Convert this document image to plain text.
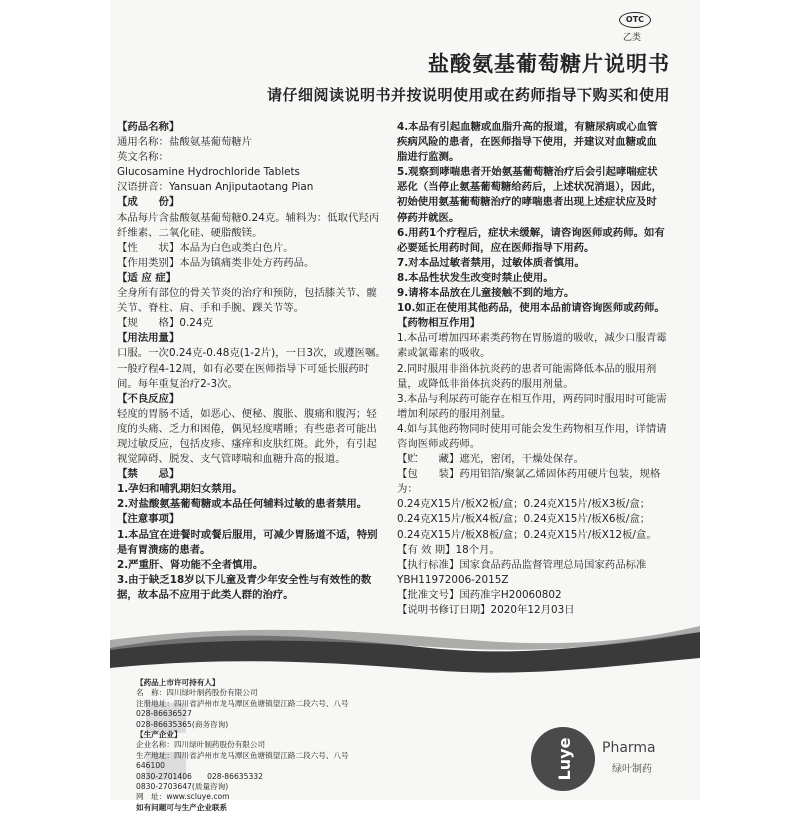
OTC
乙类
盐酸氨基葡萄糖片说明书
请仔细阅读说明书并按说明使用或在药师指导下购买和使用

【药品名称】

通用名称：盐酸氨基葡萄糖片

英文名称：

Glucosamine Hydrochloride Tablets

汉语拼音：Yansuan Anjiputaotang Pian

【成　　份】

本品每片含盐酸氨基葡萄糖0.24克。辅料为：低取代羟丙纤维素、二氧化硅、硬脂酸镁。

【性　　状】本品为白色或类白色片。

【作用类别】本品为镇痛类非处方药药品。

【适 应 症】

全身所有部位的骨关节炎的治疗和预防，包括膝关节、髋关节、脊柱、肩、手和手腕、踝关节等。

【规　　格】0.24克

【用法用量】

口服。一次0.24克-0.48克(1-2片)，一日3次，或遵医嘱。一般疗程4-12周，如有必要在医师指导下可延长服药时间。每年重复治疗2-3次。

【不良反应】

轻度的胃肠不适，如恶心、便秘、腹胀、腹痛和腹泻；轻度的头痛、乏力和困倦，偶见轻度嗜睡；有些患者可能出现过敏反应，包括皮疹、瘙痒和皮肤红斑。此外，有引起视觉障碍、脱发、支气管哮喘和血糖升高的报道。

【禁　　忌】

1.孕妇和哺乳期妇女禁用。

2.对盐酸氨基葡萄糖或本品任何辅料过敏的患者禁用。

【注意事项】

1.本品宜在进餐时或餐后服用，可减少胃肠道不适，特别是有胃溃疡的患者。

2.严重肝、肾功能不全者慎用。

3.由于缺乏18岁以下儿童及青少年安全性与有效性的数据，故本品不应用于此类人群的治疗。

4.本品有引起血糖或血脂升高的报道，有糖尿病或心血管疾病风险的患者，在医师指导下使用，并建议对血糖或血脂进行监测。

5.观察到哮喘患者开始氨基葡萄糖治疗后会引起哮喘症状恶化（当停止氨基葡萄糖给药后，上述状况消退），因此，初始使用氨基葡萄糖治疗的哮喘患者出现上述症状应及时停药并就医。

6.用药1个疗程后，症状未缓解，请咨询医师或药师。如有必要延长用药时间，应在医师指导下用药。

7.对本品过敏者禁用，过敏体质者慎用。

8.本品性状发生改变时禁止使用。

9.请将本品放在儿童接触不到的地方。

10.如正在使用其他药品，使用本品前请咨询医师或药师。

【药物相互作用】

1.本品可增加四环素类药物在胃肠道的吸收，减少口服青霉素或氯霉素的吸收。

2.同时服用非甾体抗炎药的患者可能需降低本品的服用剂量，或降低非甾体抗炎药的服用剂量。

3.本品与利尿药可能存在相互作用，两药同时服用时可能需增加利尿药的服用剂量。

4.如与其他药物同时使用可能会发生药物相互作用，详情请咨询医师或药师。

【贮　　藏】遮光，密闭，干燥处保存。

【包　　装】药用铝箔/聚氯乙烯固体药用硬片包装，规格为：

0.24克X15片/板X2板/盒；0.24克X15片/板X3板/盒；

0.24克X15片/板X4板/盒；0.24克X15片/板X6板/盒；

0.24克X15片/板X8板/盒；0.24克X15片/板X12板/盒。

【有 效 期】18个月。

【执行标准】国家食品药品监督管理总局国家药品标准YBH11972006-2015Z

【批准文号】国药准字H20060802

【说明书修订日期】2020年12月03日

【药品上市许可持有人】

名　称：四川绿叶制药股份有限公司

注册地址：四川省泸州市龙马潭区鱼塘镇望江路二段六号、八号

028-86636527

028-86635365(商务咨询)

【生产企业】

企业名称：四川绿叶制药股份有限公司

生产地址：四川省泸州市龙马潭区鱼塘镇望江路二段六号、八号

646100

0830-2701406　　028-86635332

0830-2703647(质量咨询)

网　址：www.scluye.com

如有问题可与生产企业联系

Luye Pharma
绿叶制药
